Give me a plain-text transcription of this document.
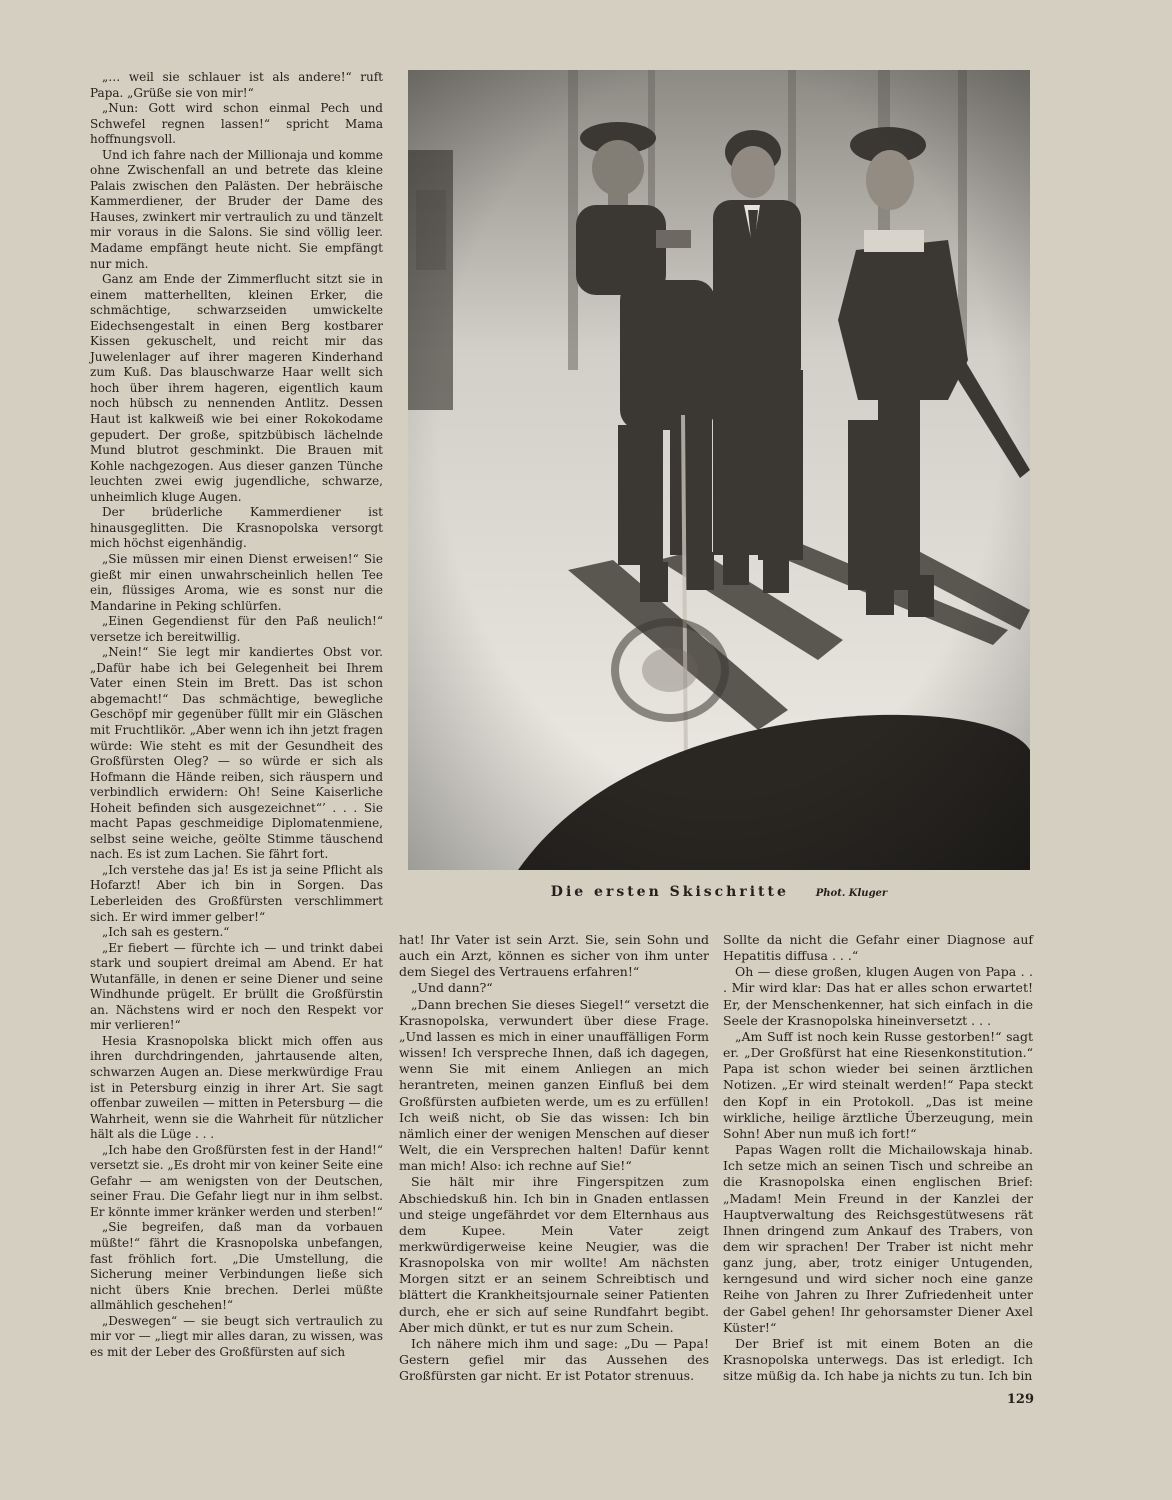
„… weil sie schlauer ist als andere!“ ruft Papa. „Grüße sie von mir!“

„Nun: Gott wird schon einmal Pech und Schwefel regnen lassen!“ spricht Mama hoffnungsvoll.

Und ich fahre nach der Millionaja und komme ohne Zwischenfall an und betrete das kleine Palais zwischen den Palästen. Der hebräische Kammerdiener, der Bruder der Dame des Hauses, zwinkert mir vertraulich zu und tänzelt mir voraus in die Salons. Sie sind völlig leer. Madame empfängt heute nicht. Sie empfängt nur mich.

Ganz am Ende der Zimmerflucht sitzt sie in einem matterhellten, kleinen Erker, die schmächtige, schwarzseiden umwickelte Eidechsengestalt in einen Berg kostbarer Kissen gekuschelt, und reicht mir das Juwelenlager auf ihrer mageren Kinderhand zum Kuß. Das blauschwarze Haar wellt sich hoch über ihrem hageren, eigentlich kaum noch hübsch zu nennenden Antlitz. Dessen Haut ist kalkweiß wie bei einer Rokokodame gepudert. Der große, spitzbübisch lächelnde Mund blutrot geschminkt. Die Brauen mit Kohle nachgezogen. Aus dieser ganzen Tünche leuchten zwei ewig jugendliche, schwarze, unheimlich kluge Augen.

Der brüderliche Kammerdiener ist hinausgeglitten. Die Krasnopolska versorgt mich höchst eigenhändig.

„Sie müssen mir einen Dienst erweisen!“ Sie gießt mir einen unwahrscheinlich hellen Tee ein, flüssiges Aroma, wie es sonst nur die Mandarine in Peking schlürfen.

„Einen Gegendienst für den Paß neulich!“ versetze ich bereitwillig.

„Nein!“ Sie legt mir kandiertes Obst vor. „Dafür habe ich bei Gelegenheit bei Ihrem Vater einen Stein im Brett. Das ist schon abgemacht!“ Das schmächtige, bewegliche Geschöpf mir gegenüber füllt mir ein Gläschen mit Fruchtlikör. „Aber wenn ich ihn jetzt fragen würde: Wie steht es mit der Gesundheit des Großfürsten Oleg? — so würde er sich als Hofmann die Hände reiben, sich räuspern und verbindlich erwidern: Oh! Seine Kaiserliche Hoheit befinden sich ausgezeichnet“’ . . . Sie macht Papas geschmeidige Diplomatenmiene, selbst seine weiche, geölte Stimme täuschend nach. Es ist zum Lachen. Sie fährt fort.

„Ich verstehe das ja! Es ist ja seine Pflicht als Hofarzt! Aber ich bin in Sorgen. Das Leberleiden des Großfürsten verschlimmert sich. Er wird immer gelber!“

„Ich sah es gestern.“

„Er fiebert — fürchte ich — und trinkt dabei stark und soupiert dreimal am Abend. Er hat Wutanfälle, in denen er seine Diener und seine Windhunde prügelt. Er brüllt die Großfürstin an. Nächstens wird er noch den Respekt vor mir verlieren!“

Hesia Krasnopolska blickt mich offen aus ihren durchdringenden, jahrtausende alten, schwarzen Augen an. Diese merkwürdige Frau ist in Petersburg einzig in ihrer Art. Sie sagt offenbar zuweilen — mitten in Petersburg — die Wahrheit, wenn sie die Wahrheit für nützlicher hält als die Lüge . . .

„Ich habe den Großfürsten fest in der Hand!“ versetzt sie. „Es droht mir von keiner Seite eine Gefahr — am wenigsten von der Deutschen, seiner Frau. Die Gefahr liegt nur in ihm selbst. Er könnte immer kränker werden und sterben!“

„Sie begreifen, daß man da vorbauen müßte!“ fährt die Krasnopolska unbefangen, fast fröhlich fort. „Die Umstellung, die Sicherung meiner Verbindungen ließe sich nicht übers Knie brechen. Derlei müßte allmählich geschehen!“

„Deswegen“ — sie beugt sich vertraulich zu mir vor — „liegt mir alles daran, zu wissen, was es mit der Leber des Großfürsten auf sich

Die ersten Skischritte	Phot. Kluger

hat! Ihr Vater ist sein Arzt. Sie, sein Sohn und auch ein Arzt, können es sicher von ihm unter dem Siegel des Vertrauens erfahren!“

„Und dann?“

„Dann brechen Sie dieses Siegel!“ versetzt die Krasnopolska, verwundert über diese Frage. „Und lassen es mich in einer unauffälligen Form wissen! Ich verspreche Ihnen, daß ich dagegen, wenn Sie mit einem Anliegen an mich herantreten, meinen ganzen Einfluß bei dem Großfürsten aufbieten werde, um es zu erfüllen! Ich weiß nicht, ob Sie das wissen: Ich bin nämlich einer der wenigen Menschen auf dieser Welt, die ein Versprechen halten! Dafür kennt man mich! Also: ich rechne auf Sie!“

Sie hält mir ihre Fingerspitzen zum Abschiedskuß hin. Ich bin in Gnaden entlassen und steige ungefährdet vor dem Elternhaus aus dem Kupee. Mein Vater zeigt merkwürdigerweise keine Neugier, was die Krasnopolska von mir wollte! Am nächsten Morgen sitzt er an seinem Schreibtisch und blättert die Krankheitsjournale seiner Patienten durch, ehe er sich auf seine Rundfahrt begibt. Aber mich dünkt, er tut es nur zum Schein.

Ich nähere mich ihm und sage: „Du — Papa! Gestern gefiel mir das Aussehen des Großfürsten gar nicht. Er ist Potator strenuus.

Sollte da nicht die Gefahr einer Diagnose auf Hepatitis diffusa . . .“

Oh — diese großen, klugen Augen von Papa . . . Mir wird klar: Das hat er alles schon erwartet! Er, der Menschenkenner, hat sich einfach in die Seele der Krasnopolska hineinversetzt . . .

„Am Suff ist noch kein Russe gestorben!“ sagt er. „Der Großfürst hat eine Riesenkonstitution.“ Papa ist schon wieder bei seinen ärztlichen Notizen. „Er wird steinalt werden!“ Papa steckt den Kopf in ein Protokoll. „Das ist meine wirkliche, heilige ärztliche Überzeugung, mein Sohn! Aber nun muß ich fort!“

Papas Wagen rollt die Michailowskaja hinab. Ich setze mich an seinen Tisch und schreibe an die Krasnopolska einen englischen Brief: „Madam! Mein Freund in der Kanzlei der Hauptverwaltung des Reichsgestütwesens rät Ihnen dringend zum Ankauf des Trabers, von dem wir sprachen! Der Traber ist nicht mehr ganz jung, aber, trotz einiger Untugenden, kerngesund und wird sicher noch eine ganze Reihe von Jahren zu Ihrer Zufriedenheit unter der Gabel gehen! Ihr gehorsamster Diener Axel Küster!“

Der Brief ist mit einem Boten an die Krasnopolska unterwegs. Das ist erledigt. Ich sitze müßig da. Ich habe ja nichts zu tun. Ich bin

129
